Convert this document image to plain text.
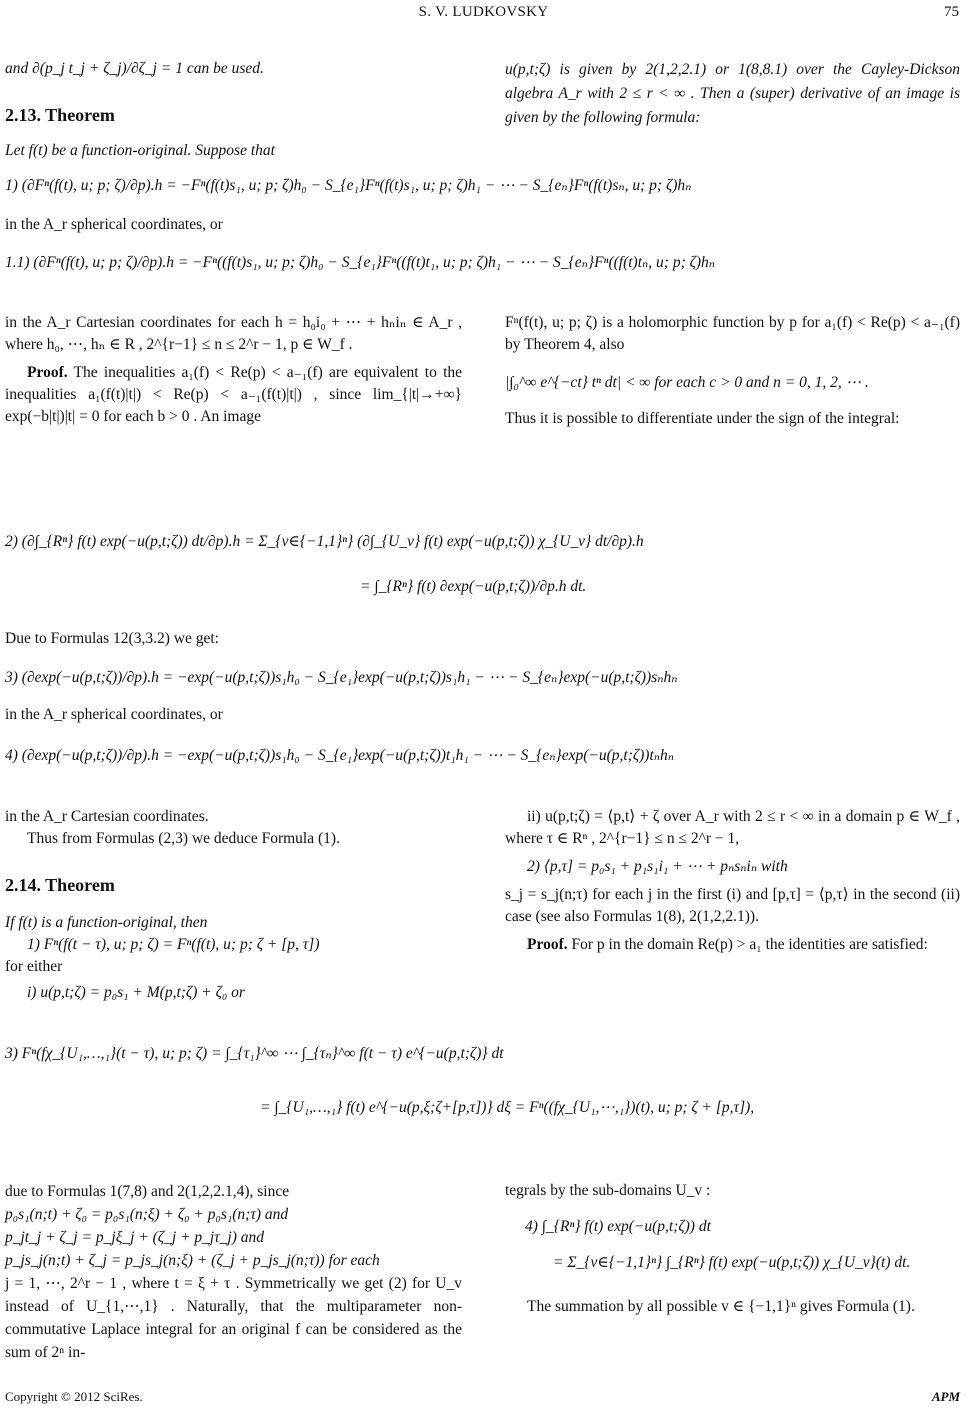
S. V. LUDKOVSKY	75

and ∂(p_j t_j + ζ_j)/∂ζ_j = 1 can be used.

2.13. Theorem

Let f(t) be a function-original. Suppose that

u(p,t;ζ) is given by 2(1,2,2.1) or 1(8,8.1) over the Cayley-Dickson algebra A_r with 2 ≤ r < ∞ . Then a (super) derivative of an image is given by the following formula:
1) (∂Fⁿ(f(t), u; p; ζ)/∂p).h = −Fⁿ(f(t)s₁, u; p; ζ)h₀ − S_{e₁}Fⁿ(f(t)s₁, u; p; ζ)h₁ − ⋯ − S_{eₙ}Fⁿ(f(t)sₙ, u; p; ζ)hₙ
in the A_r spherical coordinates, or
1.1) (∂Fⁿ(f(t), u; p; ζ)/∂p).h = −Fⁿ((f(t)s₁, u; p; ζ)h₀ − S_{e₁}Fⁿ((f(t)t₁, u; p; ζ)h₁ − ⋯ − S_{eₙ}Fⁿ((f(t)tₙ, u; p; ζ)hₙ

in the A_r Cartesian coordinates for each h = h₀i₀ + ⋯ + hₙiₙ ∈ A_r , where h₀, ⋯, hₙ ∈ R , 2^{r−1} ≤ n ≤ 2^r − 1, p ∈ W_f .

Proof. The inequalities a₁(f) < Re(p) < a₋₁(f) are equivalent to the inequalities a₁(f(t)|t|) < Re(p) < a₋₁(f(t)|t|) , since lim_{|t|→+∞} exp(−b|t|)|t| = 0 for each b > 0 . An image

Fⁿ(f(t), u; p; ζ) is a holomorphic function by p for a₁(f) < Re(p) < a₋₁(f) by Theorem 4, also

|∫₀^∞ e^{−ct} tⁿ dt| < ∞ for each c > 0 and n = 0, 1, 2, ⋯ .

Thus it is possible to differentiate under the sign of the integral:

2) (∂∫_{Rⁿ} f(t) exp(−u(p,t;ζ)) dt/∂p).h = Σ_{v∈{−1,1}ⁿ} (∂∫_{U_v} f(t) exp(−u(p,t;ζ)) χ_{U_v} dt/∂p).h
= ∫_{Rⁿ} f(t) ∂exp(−u(p,t;ζ))/∂p.h dt.
Due to Formulas 12(3,3.2) we get:
3) (∂exp(−u(p,t;ζ))/∂p).h = −exp(−u(p,t;ζ))s₁h₀ − S_{e₁}exp(−u(p,t;ζ))s₁h₁ − ⋯ − S_{eₙ}exp(−u(p,t;ζ))sₙhₙ
in the A_r spherical coordinates, or
4) (∂exp(−u(p,t;ζ))/∂p).h = −exp(−u(p,t;ζ))s₁h₀ − S_{e₁}exp(−u(p,t;ζ))t₁h₁ − ⋯ − S_{eₙ}exp(−u(p,t;ζ))tₙhₙ

in the A_r Cartesian coordinates.

Thus from Formulas (2,3) we deduce Formula (1).

2.14. Theorem

If f(t) is a function-original, then

1) Fⁿ(f(t − τ), u; p; ζ) = Fⁿ(f(t), u; p; ζ + [p, τ])

for either

i) u(p,t;ζ) = p₀s₁ + M(p,t;ζ) + ζ₀ or

ii) u(p,t;ζ) = ⟨p,t⟩ + ζ over A_r with 2 ≤ r < ∞ in a domain p ∈ W_f , where τ ∈ Rⁿ , 2^{r−1} ≤ n ≤ 2^r − 1,

2) ⟨p,τ] = p₀s₁ + p₁s₁i₁ + ⋯ + pₙsₙiₙ with

s_j = s_j(n;τ) for each j in the first (i) and [p,τ] = ⟨p,τ⟩ in the second (ii) case (see also Formulas 1(8), 2(1,2,2.1)).

Proof. For p in the domain Re(p) > a₁ the identities are satisfied:

3) Fⁿ(fχ_{U₁,…,₁}(t − τ), u; p; ζ) = ∫_{τ₁}^∞ ⋯ ∫_{τₙ}^∞ f(t − τ) e^{−u(p,t;ζ)} dt
= ∫_{U₁,…,₁} f(t) e^{−u(p,ξ;ζ+[p,τ])} dξ = Fⁿ((fχ_{U₁,⋯,₁})(t), u; p; ζ + [p,τ]),

due to Formulas 1(7,8) and 2(1,2,2.1,4), since

p₀s₁(n;t) + ζ₀ = p₀s₁(n;ξ) + ζ₀ + p₀s₁(n;τ) and

p_jt_j + ζ_j = p_jξ_j + (ζ_j + p_jτ_j) and

p_js_j(n;t) + ζ_j = p_js_j(n;ξ) + (ζ_j + p_js_j(n;τ)) for each

j = 1, ⋯, 2^r − 1 , where t = ξ + τ . Symmetrically we get (2) for U_v instead of U_{1,⋯,1} . Naturally, that the multiparameter non-commutative Laplace integral for an original f can be considered as the sum of 2ⁿ in-

tegrals by the sub-domains U_v :

4) ∫_{Rⁿ} f(t) exp(−u(p,t;ζ)) dt

= Σ_{v∈{−1,1}ⁿ} ∫_{Rⁿ} f(t) exp(−u(p,t;ζ)) χ_{U_v}(t) dt.

The summation by all possible v ∈ {−1,1}ⁿ gives Formula (1).

Copyright © 2012 SciRes.	APM
